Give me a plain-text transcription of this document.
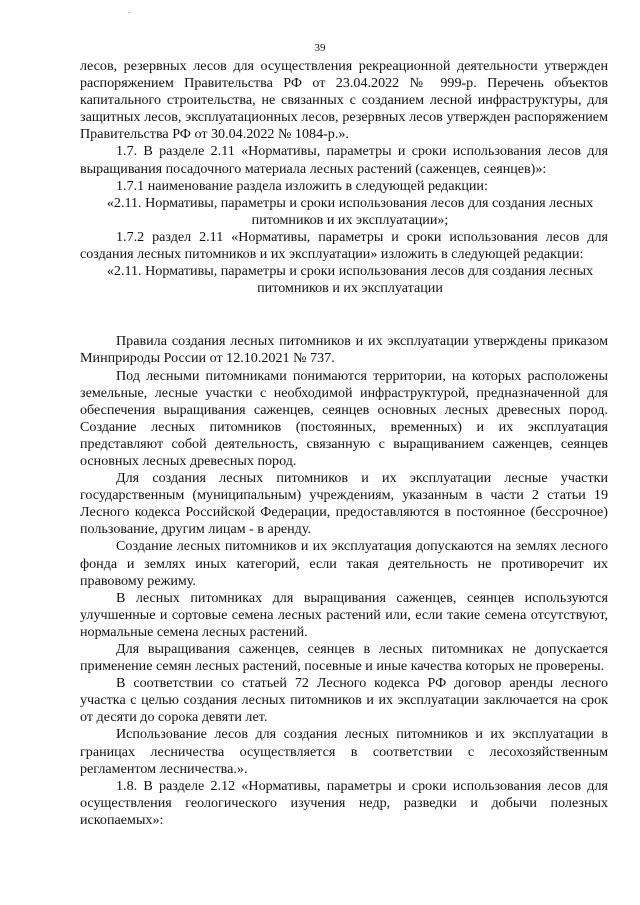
-
39

лесов, резервных лесов для осуществления рекреационной деятельности утвержден распоряжением Правительства РФ от 23.04.2022 № 999-р. Перечень объектов капитального строительства, не связанных с созданием лесной инфраструктуры, для защитных лесов, эксплуатационных лесов, резервных лесов утвержден распоряжением Правительства РФ от 30.04.2022 № 1084-р.».

1.7. В разделе 2.11 «Нормативы, параметры и сроки использования лесов для выращивания посадочного материала лесных растений (саженцев, сеянцев)»:

1.7.1 наименование раздела изложить в следующей редакции:

«2.11. Нормативы, параметры и сроки использования лесов для создания лесных питомников и их эксплуатации»;

1.7.2 раздел 2.11 «Нормативы, параметры и сроки использования лесов для создания лесных питомников и их эксплуатации» изложить в следующей редакции:

«2.11. Нормативы, параметры и сроки использования лесов для создания лесных питомников и их эксплуатации

Правила создания лесных питомников и их эксплуатации утверждены приказом Минприроды России от 12.10.2021 № 737.

Под лесными питомниками понимаются территории, на которых расположены земельные, лесные участки с необходимой инфраструктурой, предназначенной для обеспечения выращивания саженцев, сеянцев основных лесных древесных пород. Создание лесных питомников (постоянных, временных) и их эксплуатация представляют собой деятельность, связанную с выращиванием саженцев, сеянцев основных лесных древесных пород.

Для создания лесных питомников и их эксплуатации лесные участки государственным (муниципальным) учреждениям, указанным в части 2 статьи 19 Лесного кодекса Российской Федерации, предоставляются в постоянное (бессрочное) пользование, другим лицам - в аренду.

Создание лесных питомников и их эксплуатация допускаются на землях лесного фонда и землях иных категорий, если такая деятельность не противоречит их правовому режиму.

В лесных питомниках для выращивания саженцев, сеянцев используются улучшенные и сортовые семена лесных растений или, если такие семена отсутствуют, нормальные семена лесных растений.

Для выращивания саженцев, сеянцев в лесных питомниках не допускается применение семян лесных растений, посевные и иные качества которых не проверены.

В соответствии со статьей 72 Лесного кодекса РФ договор аренды лесного участка с целью создания лесных питомников и их эксплуатации заключается на срок от десяти до сорока девяти лет.

Использование лесов для создания лесных питомников и их эксплуатации в границах лесничества осуществляется в соответствии с лесохозяйственным регламентом лесничества.».

1.8. В разделе 2.12 «Нормативы, параметры и сроки использования лесов для осуществления геологического изучения недр, разведки и добычи полезных ископаемых»:
